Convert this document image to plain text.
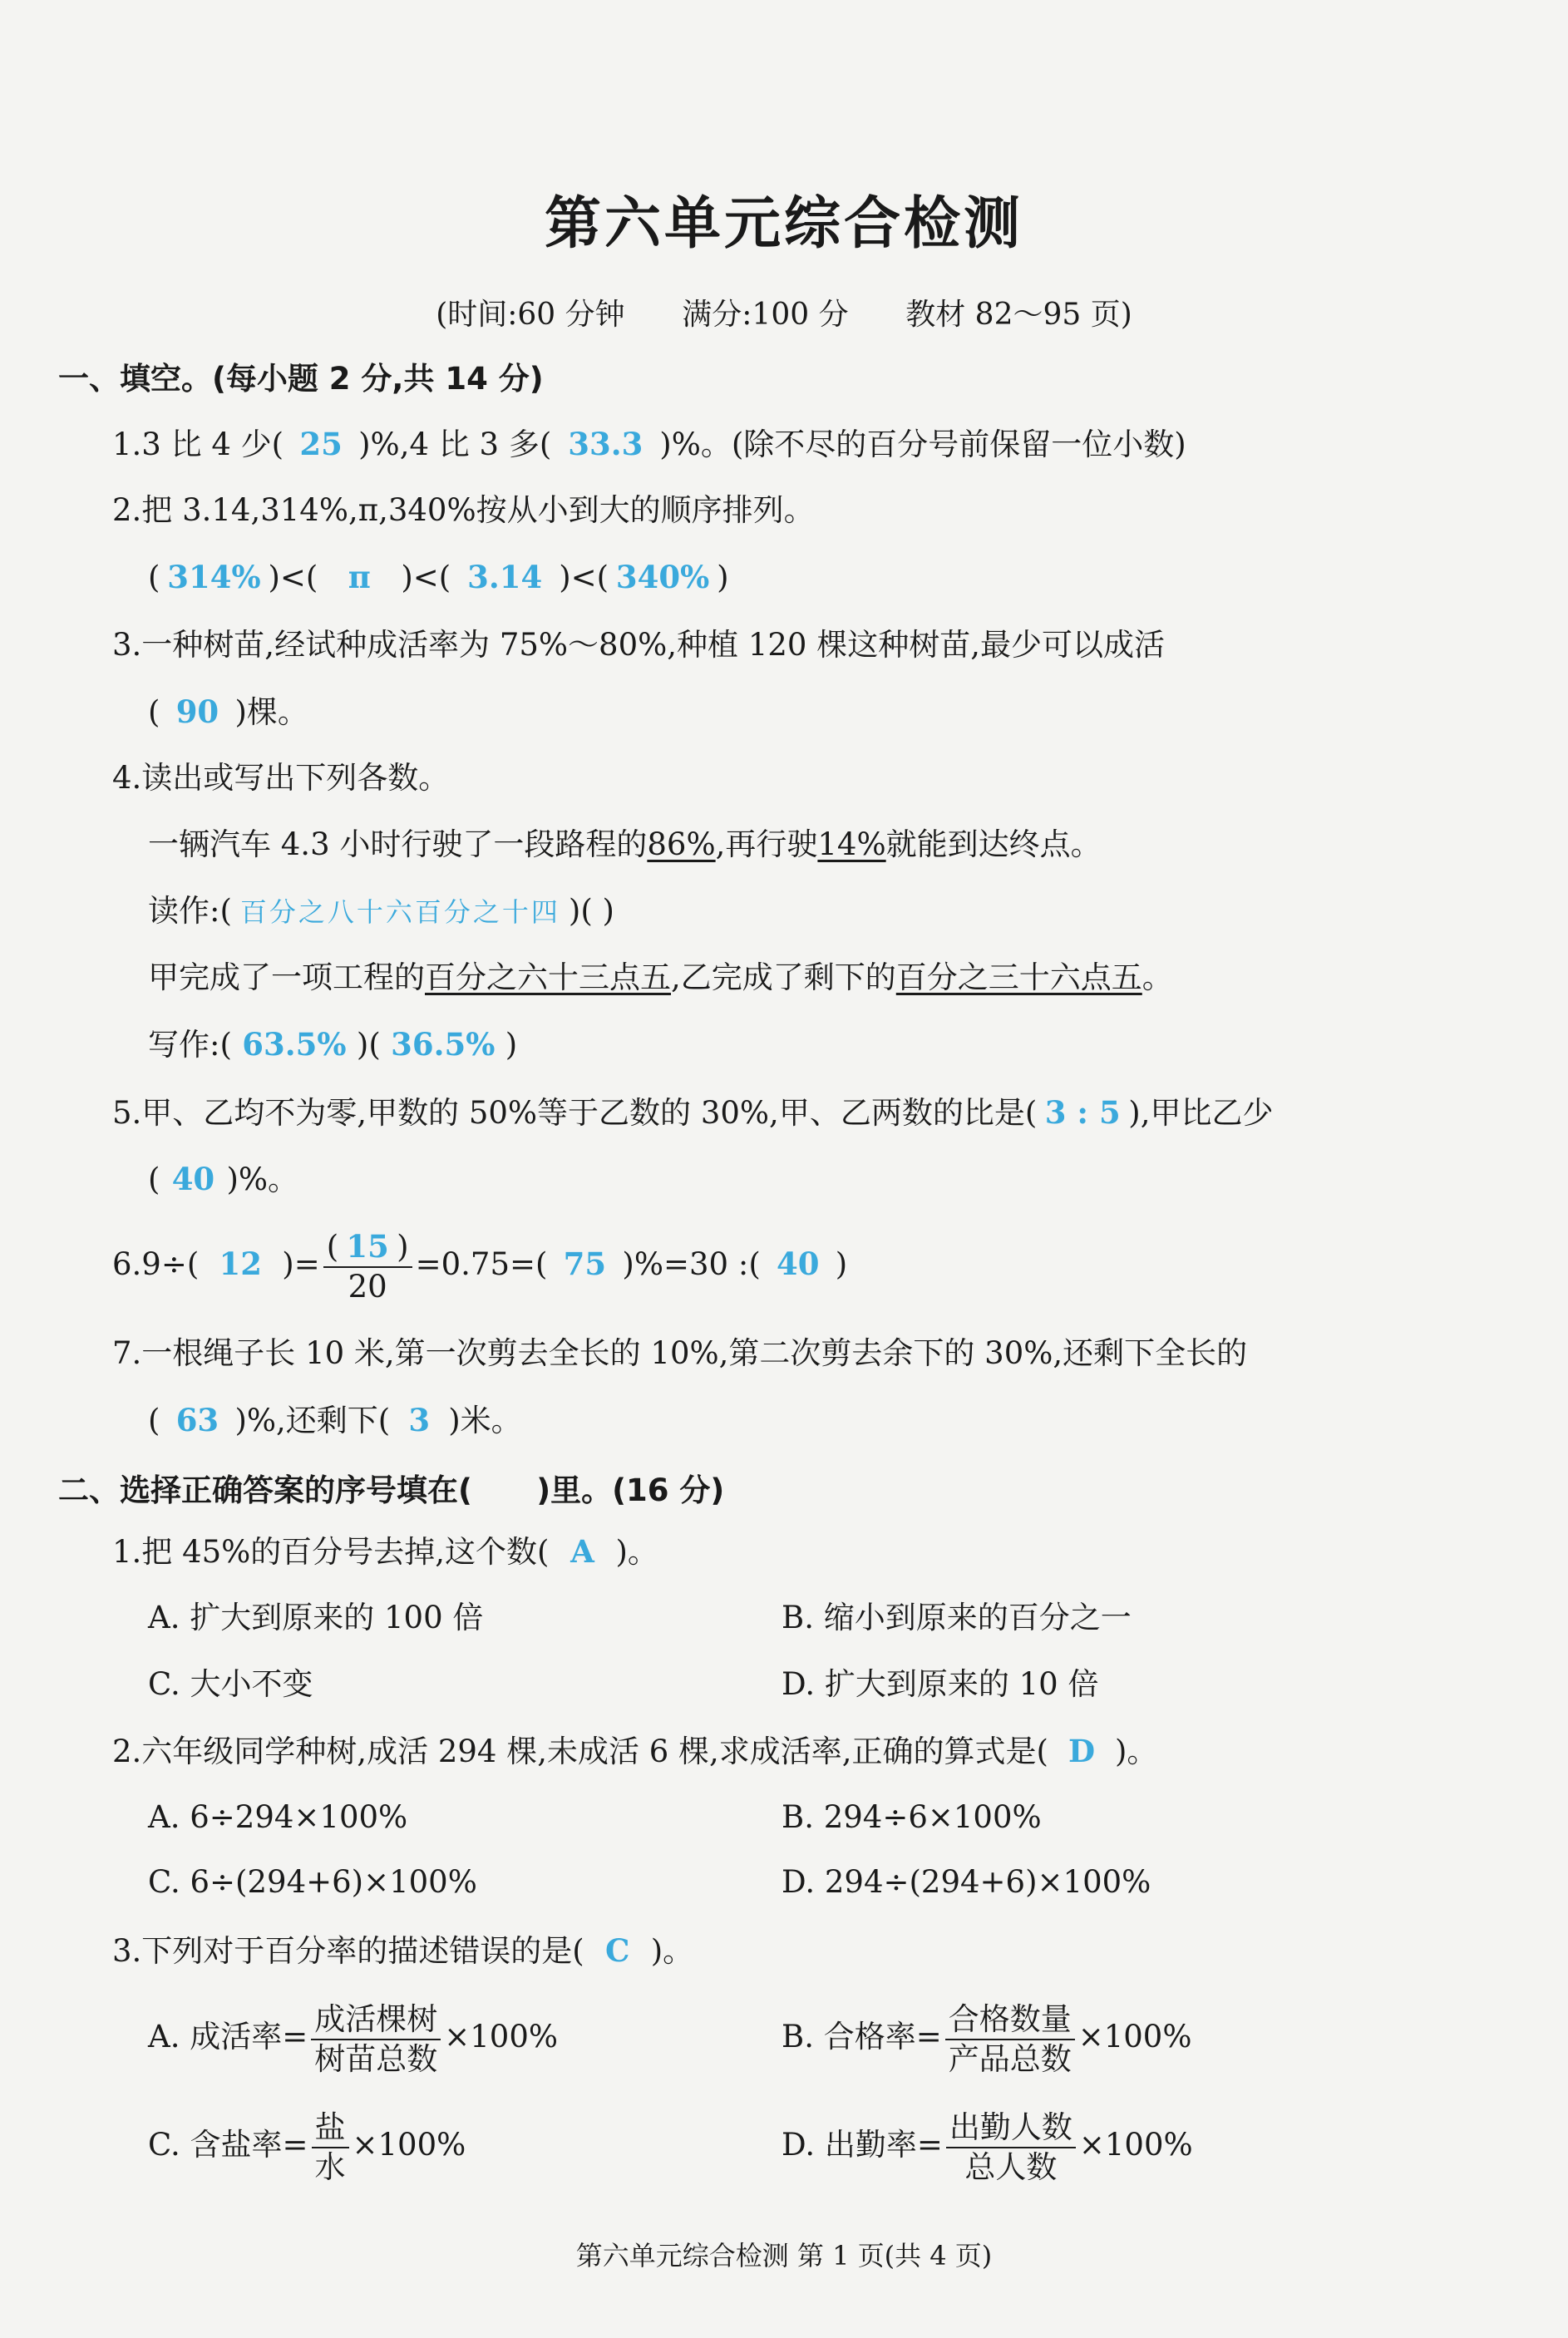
第六单元综合检测
(时间:60 分钟      满分:100 分      教材 82～95 页)
一、填空。(每小题 2 分,共 14 分)
1.3 比 4 少( 25 )%,4 比 3 多( 33.3 )%。(除不尽的百分号前保留一位小数)
2.把 3.14,314%,π,340%按从小到大的顺序排列。
( 314% )<( π )<( 3.14 )<( 340% )
3.一种树苗,经试种成活率为 75%～80%,种植 120 棵这种树苗,最少可以成活
( 90 )棵。
4.读出或写出下列各数。
一辆汽车 4.3 小时行驶了一段路程的86%,再行驶14%就能到达终点。
读作:( 百分之八十六百分之十四 )( )
甲完成了一项工程的百分之六十三点五,乙完成了剩下的百分之三十六点五。
写作:( 63.5% )( 36.5% )
5.甲、乙均不为零,甲数的 50%等于乙数的 30%,甲、乙两数的比是( 3 : 5 ),甲比乙少
( 40 )%。
6.9÷( 12 )= $\frac{( 15 )}{20} =0.75=$( 75 )%=30 :( 40 )
7.一根绳子长 10 米,第一次剪去全长的 10%,第二次剪去余下的 30%,还剩下全长的
( 63 )%,还剩下( 3 )米。
二、选择正确答案的序号填在(      )里。(16 分)
1.把 45%的百分号去掉,这个数( A )。
A. 扩大到原来的 100 倍	B. 缩小到原来的百分之一
C. 大小不变	D. 扩大到原来的 10 倍
2.六年级同学种树,成活 294 棵,未成活 6 棵,求成活率,正确的算式是( D )。
A. 6÷294×100%	B. 294÷6×100%
C. 6÷(294+6)×100%	D. 294÷(294+6)×100%
3.下列对于百分率的描述错误的是( C )。
A. 成活率= $\frac{\text{成活棵树}}{\text{树苗总数}} \times 100\%$	B. 合格率= $\frac{\text{合格数量}}{\text{产品总数}} \times 100\%$
C. 含盐率= $\frac{\text{盐}}{\text{水}} \times 100\%$	D. 出勤率= $\frac{\text{出勤人数}}{\text{总人数}} \times 100\%$
第六单元综合检测 第 1 页(共 4 页)
